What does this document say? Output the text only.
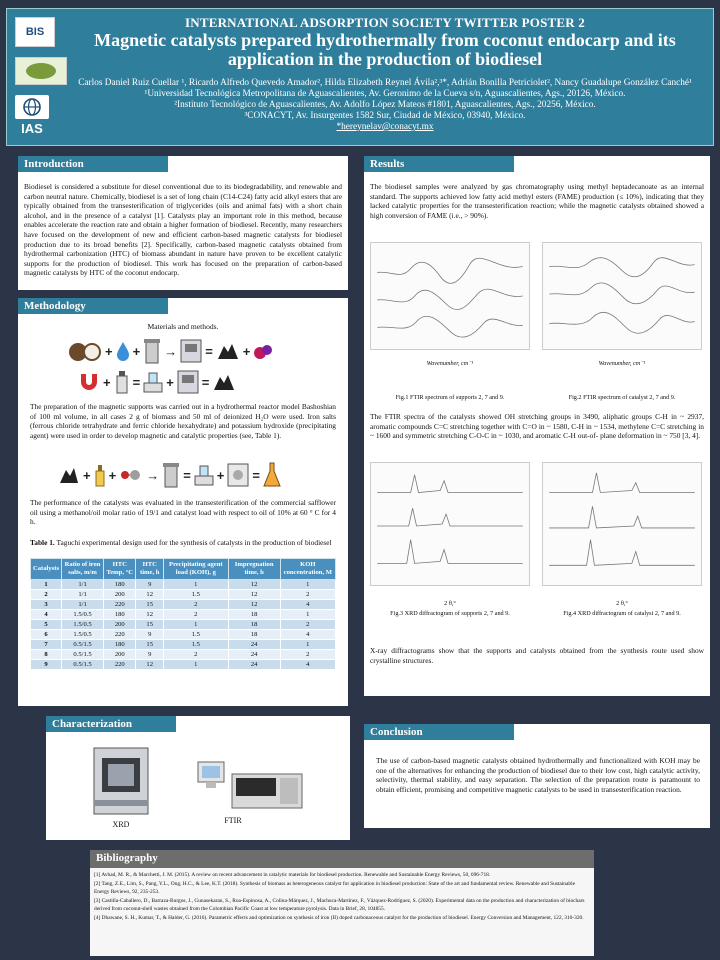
BIS
IAS
INTERNATIONAL ADSORPTION SOCIETY TWITTER POSTER 2
Magnetic catalysts prepared hydrothermally from coconut endocarp and its application in the production of biodiesel
Carlos Daniel Ruiz Cuellar ¹, Ricardo Alfredo Quevedo Amador², Hilda Elizabeth Reynel Ávila²,³*, Adrián Bonilla Petriciolet², Nancy Guadalupe González Canché¹
¹Universidad Tecnológica Metropolitana de Aguascalientes, Av. Geronimo de la Cueva s/n, Aguascalientes, Ags., 20126, México.
²Instituto Tecnológico de Aguascalientes, Av. Adolfo López Mateos #1801, Aguascalientes, Ags., 20256, México.
³CONACYT, Av. Insurgentes 1582 Sur, Ciudad de México, 03940, México.
*hereynelav@conacyt.mx
Introduction
Biodiesel is considered a substitute for diesel conventional due to its biodegradability, and renewable and carbon neutral nature. Chemically, biodiesel is a set of long chain (C14-C24) fatty acid alkyl esters that are typically obtained from the transesterification of triglycerides (oils and animal fats) with a short chain alcohol, and in the presence of a catalyst [1]. Catalysts play an important role in this method, because enables accelerate the reaction rate and obtain a higher formation of biodiesel. Recently, many researchers have focused on the development of new and efficient carbon-based magnetic catalysts for biodiesel production due to its broad benefits [2]. Specifically, carbon-based magnetic catalysts obtained from hydrothermal carbonization (HTC) of biomass abundant in nature have proven to be excellent catalytic supports for the production of biodiesel. This work has focused on the preparation of carbon-based magnetic catalysts by HTC of the coconut endocarp.
Methodology
Materials and methods.
+ + → = +
+ = + =
The preparation of the magnetic supports was carried out in a hydrothermal reactor model Bashoshian of 100 ml volume, in all cases 2 g of biomass and 50 ml of deionized H₂O were used. Iron salts (ferrous chloride tetrahydrate and ferric chloride hexahydrate) and potassium hydroxide (precipitating agent) were used in order to develop magnetic and catalytic properties (see, Table 1).
+ + → = + =
The performance of the catalysts was evaluated in the transesterification of the commercial safflower oil using a methanol/oil molar ratio of 19/1 and catalyst load with respect to oil of 10% at 60 ° C for 4 h.
Table 1. Taguchi experimental design used for the synthesis of catalysts in the production of biodiesel
Catalysts	Ratio of iron salts, m/m	HTC Temp, °C	HTC time, h	Precipitating agent load (KOH), g	Impregnation time, h	KOH concentration, M
1	1/1	180	9	1	12	1
2	1/1	200	12	1.5	12	2
3	1/1	220	15	2	12	4
4	1.5/0.5	180	12	2	18	1
5	1.5/0.5	200	15	1	18	2
6	1.5/0.5	220	9	1.5	18	4
7	0.5/1.5	180	15	1.5	24	1
8	0.5/1.5	200	9	2	24	2
9	0.5/1.5	220	12	1	24	4
Results
The biodiesel samples were analyzed by gas chromatography using methyl heptadecanoate as an internal standard. The supports achieved low fatty acid methyl esters (FAME) production (≤ 10%), indicating that they lacked catalytic properties for the transesterification reaction; while the magnetic catalysts obtained showed a high conversion of FAME (i.e., > 90%).
Wavenumber, cm⁻¹
Fig.1 FTIR spectrum of supports 2, 7 and 9.
Wavenumber, cm⁻¹
Fig.2 FTIR spectrum of catalyst 2, 7 and 9.
The FTIR spectra of the catalysts showed OH stretching groups in 3490, aliphatic groups C-H in ~ 2937, aromatic compounds C=C stretching together with C=O in ~ 1580, C-H in ~ 1534, methylene C=C stretching in ~ 1600 and symmetric stretching C-O-C in ~ 1030, and aromatic C-H out-of- plane deformation in ~ 750 [3, 4].
2 θ,°
Fig.3 XRD diffractogram of supports 2, 7 and 9.
2 θ,°
Fig.4 XRD diffractogram of catalyst 2, 7 and 9.
X-ray diffractograms show that the supports and catalysts obtained from the synthesis route used show crystalline structures.
Characterization
XRD	FTIR
Conclusion
The use of carbon-based magnetic catalysts obtained hydrothermally and functionalized with KOH may be one of the alternatives for enhancing the production of biodiesel due to their low cost, high catalytic activity, selectivity, thermal stability, and easy separation. The selection of the preparation route is paramount to obtain efficient, promising and competitive magnetic catalysts to be used in transesterification reaction.
Bibliography
[1] Avhad, M. R., & Marchetti, J. M. (2015). A review on recent advancement in catalytic materials for biodiesel production. Renewable and Sustainable Energy Reviews, 50, 696-718.
[2] Tang, Z.E., Lim, S., Pang, Y.L., Ong, H.C., & Lee, K.T. (2018). Synthesis of biomass as heterogeneous catalyst for application in biodiesel production: State of the art and fundamental review. Renewable and Sustainable Energy Reviews, 92, 235-253.
[3] Castilla-Caballero, D., Barraza-Burgos, J., Gunasekaran, S., Roa-Espinosa, A., Colina-Márquez, J., Machuca-Martínez, F., Vázquez-Rodríguez, S. (2020). Experimental data on the production and characterization of biochars derived from coconut-shell wastes obtained from the Colombian Pacific Coast at low temperature pyrolysis. Data in Brief, 28, 104855.
[4] Dhawane, S. H., Kumar, T., & Halder, G. (2016). Parametric effects and optimization on synthesis of iron (II) doped carbonaceous catalyst for the production of biodiesel. Energy Conversion and Management, 122, 310-320.
